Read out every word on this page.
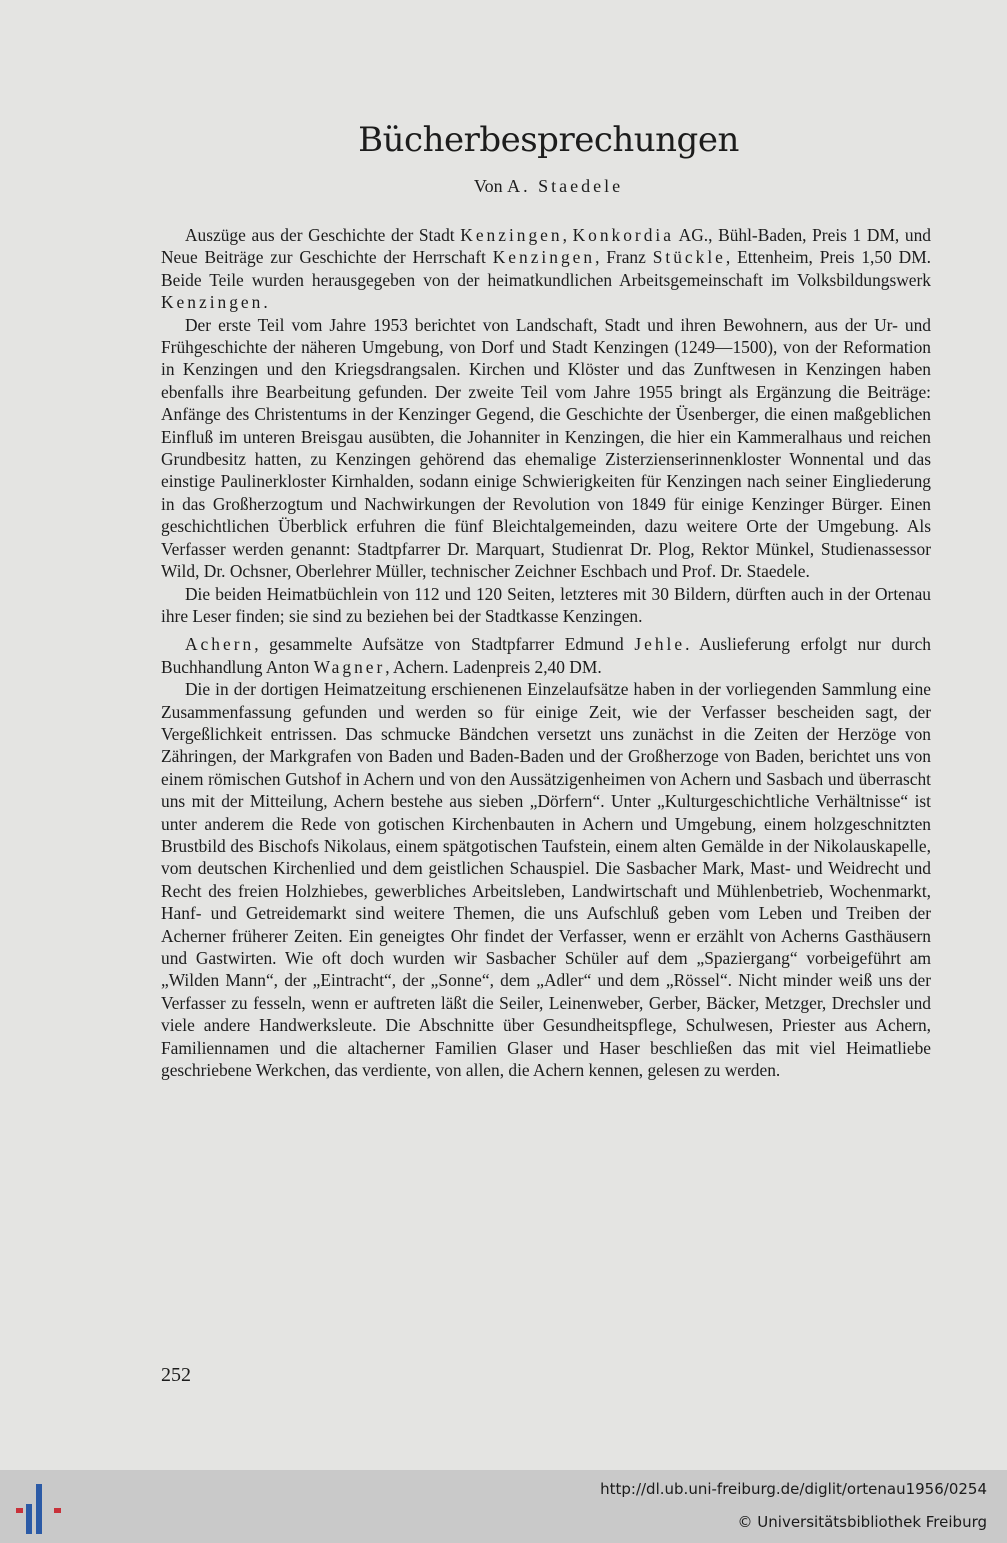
Bücherbesprechungen
Von A. Staedele

Auszüge aus der Geschichte der Stadt Kenzingen, Konkordia AG., Bühl-Baden, Preis 1 DM, und Neue Beiträge zur Geschichte der Herrschaft Kenzingen, Franz Stückle, Ettenheim, Preis 1,50 DM. Beide Teile wurden herausgegeben von der heimatkundlichen Arbeitsgemeinschaft im Volksbildungswerk Kenzingen.

Der erste Teil vom Jahre 1953 berichtet von Landschaft, Stadt und ihren Bewohnern, aus der Ur- und Frühgeschichte der näheren Umgebung, von Dorf und Stadt Kenzingen (1249—1500), von der Reformation in Kenzingen und den Kriegsdrangsalen. Kirchen und Klöster und das Zunftwesen in Kenzingen haben ebenfalls ihre Bearbeitung gefunden. Der zweite Teil vom Jahre 1955 bringt als Ergänzung die Beiträge: Anfänge des Christentums in der Kenzinger Gegend, die Geschichte der Üsenberger, die einen maßgeblichen Einfluß im unteren Breisgau ausübten, die Johanniter in Kenzingen, die hier ein Kammeralhaus und reichen Grundbesitz hatten, zu Kenzingen gehörend das ehemalige Zisterzienserinnenkloster Wonnental und das einstige Paulinerkloster Kirnhalden, sodann einige Schwierigkeiten für Kenzingen nach seiner Eingliederung in das Großherzogtum und Nachwirkungen der Revolution von 1849 für einige Kenzinger Bürger. Einen geschichtlichen Überblick erfuhren die fünf Bleichtalgemeinden, dazu weitere Orte der Umgebung. Als Verfasser werden genannt: Stadtpfarrer Dr. Marquart, Studienrat Dr. Plog, Rektor Münkel, Studienassessor Wild, Dr. Ochsner, Oberlehrer Müller, technischer Zeichner Eschbach und Prof. Dr. Staedele.

Die beiden Heimatbüchlein von 112 und 120 Seiten, letzteres mit 30 Bildern, dürften auch in der Ortenau ihre Leser finden; sie sind zu beziehen bei der Stadtkasse Kenzingen.

Achern, gesammelte Aufsätze von Stadtpfarrer Edmund Jehle. Auslieferung erfolgt nur durch Buchhandlung Anton Wagner, Achern. Ladenpreis 2,40 DM.

Die in der dortigen Heimatzeitung erschienenen Einzelaufsätze haben in der vorliegenden Sammlung eine Zusammenfassung gefunden und werden so für einige Zeit, wie der Verfasser bescheiden sagt, der Vergeßlichkeit entrissen. Das schmucke Bändchen versetzt uns zunächst in die Zeiten der Herzöge von Zähringen, der Markgrafen von Baden und Baden-Baden und der Großherzoge von Baden, berichtet uns von einem römischen Gutshof in Achern und von den Aussätzigenheimen von Achern und Sasbach und überrascht uns mit der Mitteilung, Achern bestehe aus sieben „Dörfern“. Unter „Kulturgeschichtliche Verhältnisse“ ist unter anderem die Rede von gotischen Kirchenbauten in Achern und Umgebung, einem holzgeschnitzten Brustbild des Bischofs Nikolaus, einem spätgotischen Taufstein, einem alten Gemälde in der Nikolauskapelle, vom deutschen Kirchenlied und dem geistlichen Schauspiel. Die Sasbacher Mark, Mast- und Weidrecht und Recht des freien Holzhiebes, gewerbliches Arbeitsleben, Landwirtschaft und Mühlenbetrieb, Wochenmarkt, Hanf- und Getreidemarkt sind weitere Themen, die uns Aufschluß geben vom Leben und Treiben der Acherner früherer Zeiten. Ein geneigtes Ohr findet der Verfasser, wenn er erzählt von Acherns Gasthäusern und Gastwirten. Wie oft doch wurden wir Sasbacher Schüler auf dem „Spaziergang“ vorbeigeführt am „Wilden Mann“, der „Eintracht“, der „Sonne“, dem „Adler“ und dem „Rössel“. Nicht minder weiß uns der Verfasser zu fesseln, wenn er auftreten läßt die Seiler, Leinenweber, Gerber, Bäcker, Metzger, Drechsler und viele andere Handwerksleute. Die Abschnitte über Gesundheitspflege, Schulwesen, Priester aus Achern, Familiennamen und die altacherner Familien Glaser und Haser beschließen das mit viel Heimatliebe geschriebene Werkchen, das verdiente, von allen, die Achern kennen, gelesen zu werden.

252
http://dl.ub.uni-freiburg.de/diglit/ortenau1956/0254
© Universitätsbibliothek Freiburg
